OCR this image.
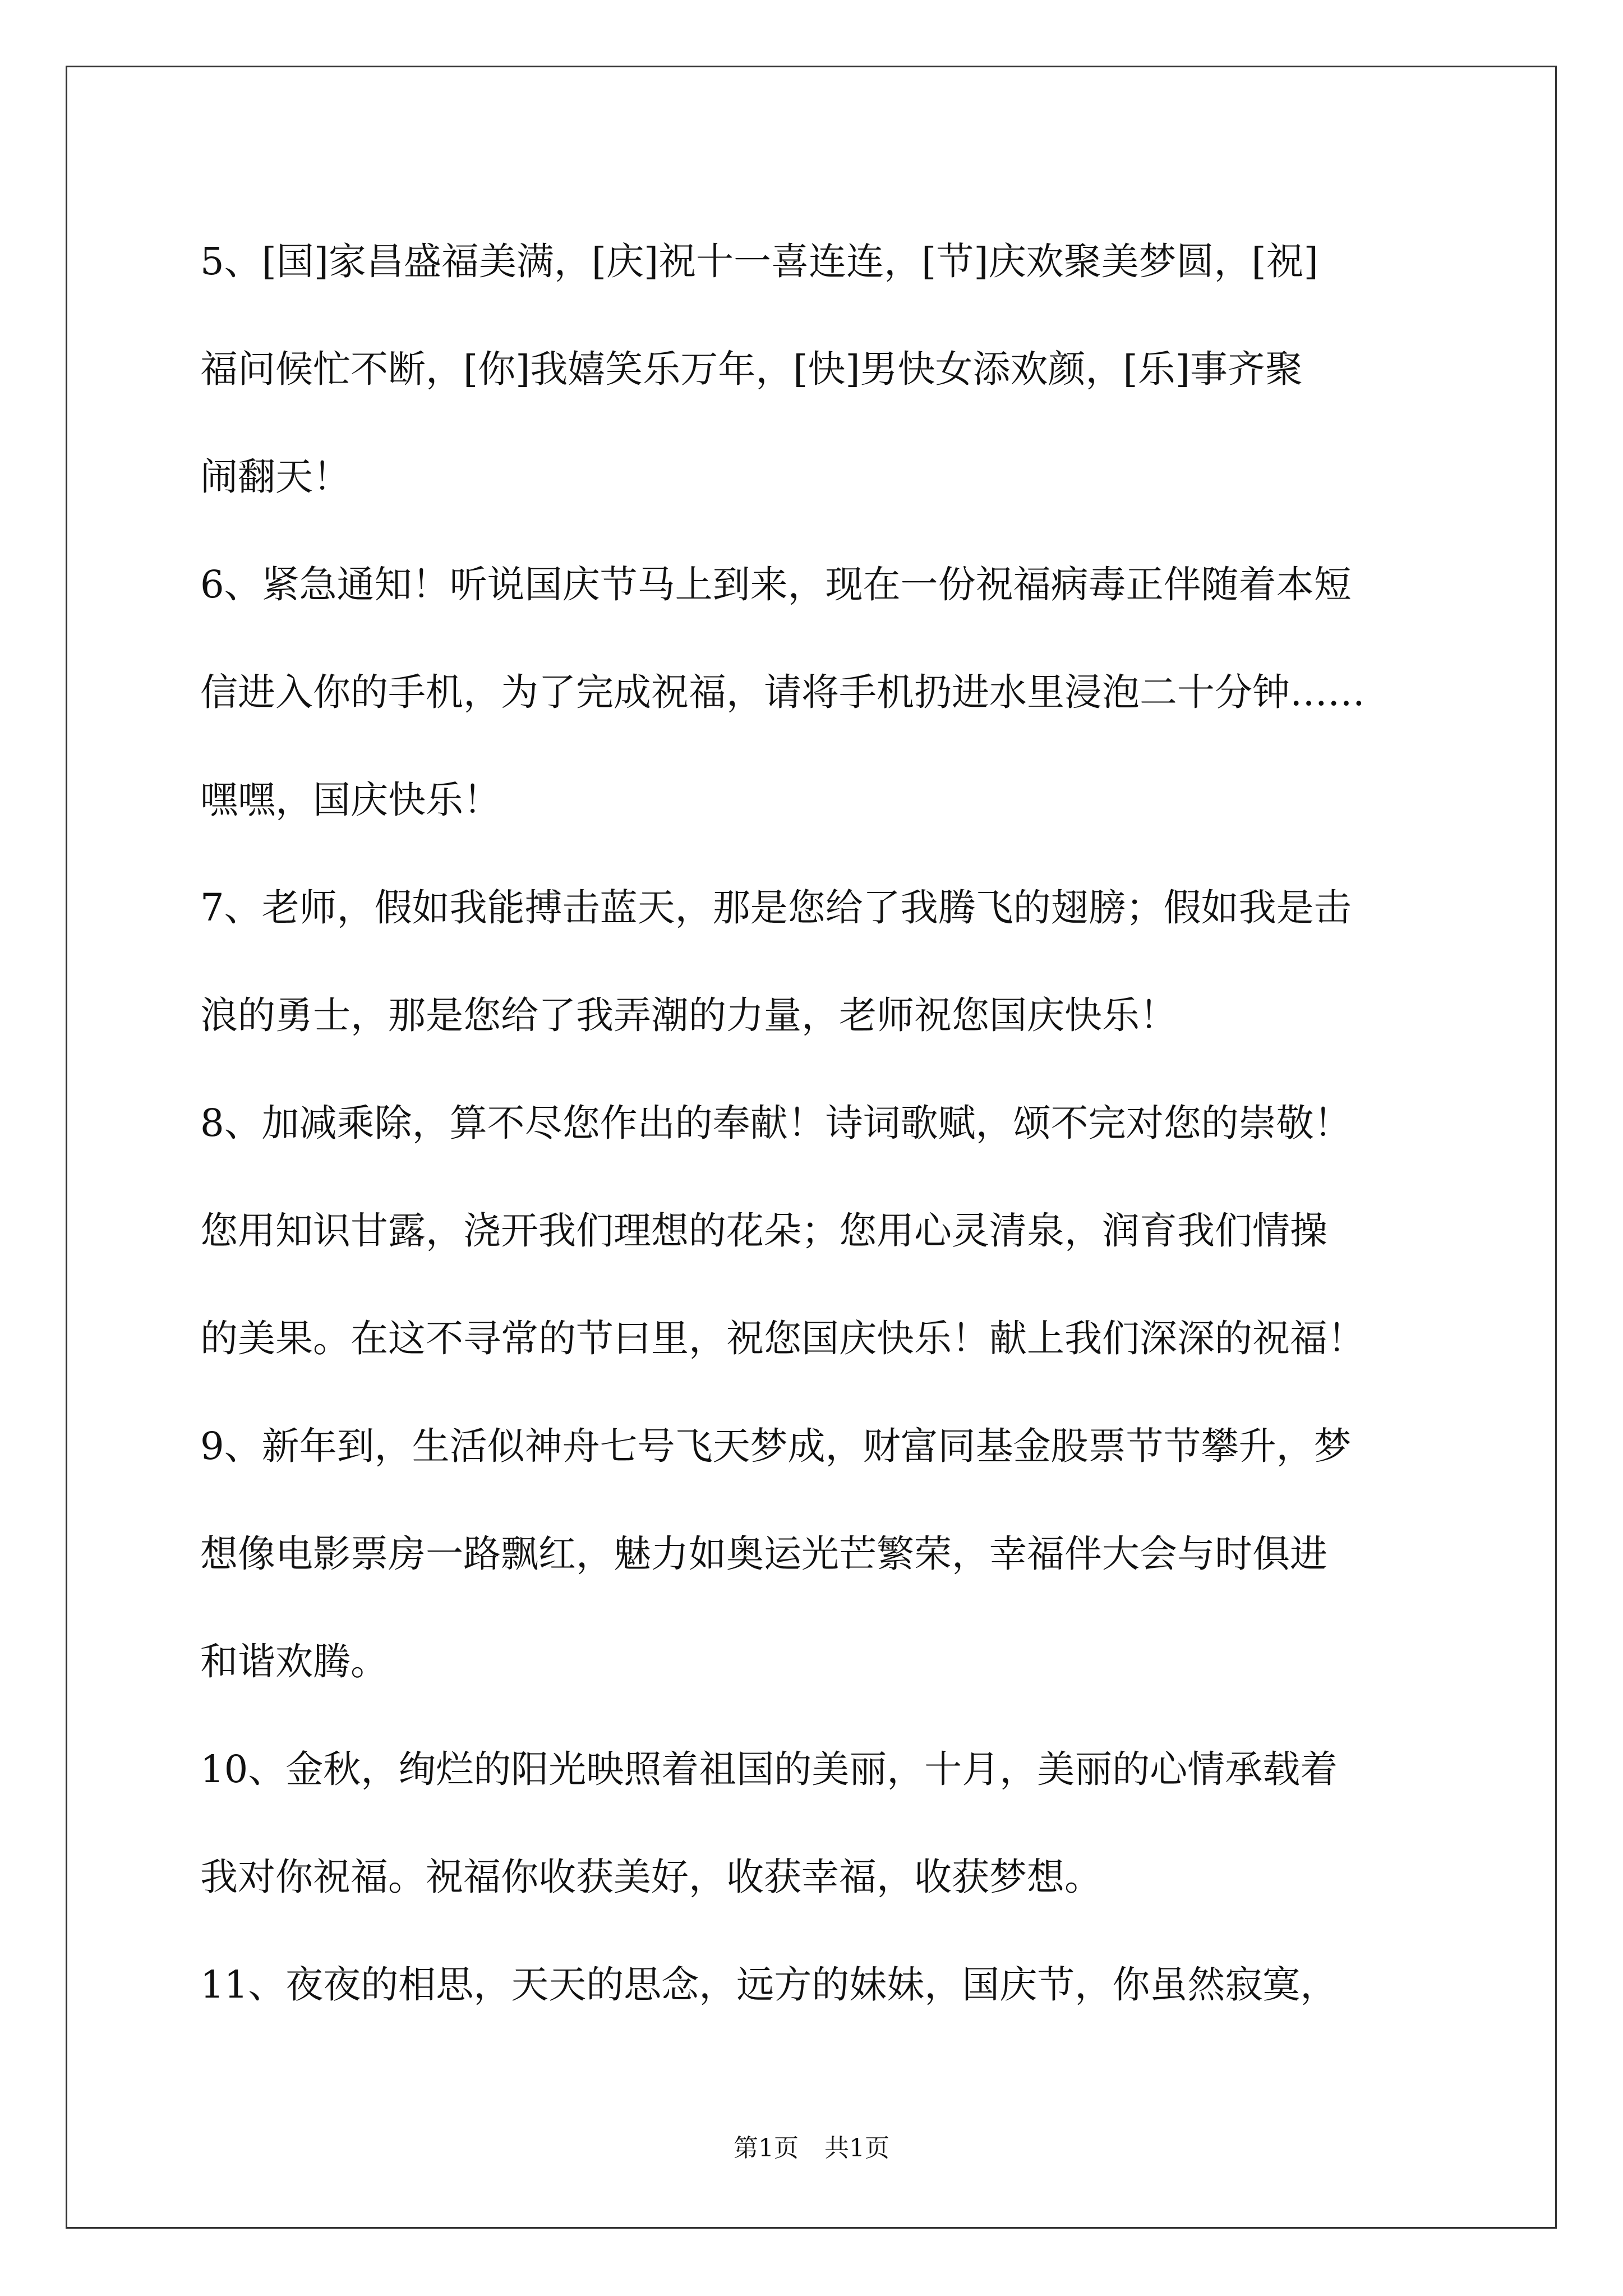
5、[国]家昌盛福美满，[庆]祝十一喜连连，[节]庆欢聚美梦圆，[祝]
福问候忙不断，[你]我嬉笑乐万年，[快]男快女添欢颜，[乐]事齐聚
闹翻天！
6、紧急通知！听说国庆节马上到来，现在一份祝福病毒正伴随着本短
信进入你的手机，为了完成祝福，请将手机扔进水里浸泡二十分钟……
嘿嘿，国庆快乐！
7、老师，假如我能搏击蓝天，那是您给了我腾飞的翅膀；假如我是击
浪的勇士，那是您给了我弄潮的力量，老师祝您国庆快乐！
8、加减乘除，算不尽您作出的奉献！诗词歌赋，颂不完对您的崇敬！
您用知识甘露，浇开我们理想的花朵；您用心灵清泉，润育我们情操
的美果。在这不寻常的节曰里，祝您国庆快乐！献上我们深深的祝福！
9、新年到，生活似神舟七号飞天梦成，财富同基金股票节节攀升，梦
想像电影票房一路飘红，魅力如奥运光芒繁荣，幸福伴大会与时俱进
和谐欢腾。
10、金秋，绚烂的阳光映照着祖国的美丽，十月，美丽的心情承载着
我对你祝福。祝福你收获美好，收获幸福，收获梦想。
11、夜夜的相思，天天的思念，远方的妹妹，国庆节，你虽然寂寞，
第1页 共1页
